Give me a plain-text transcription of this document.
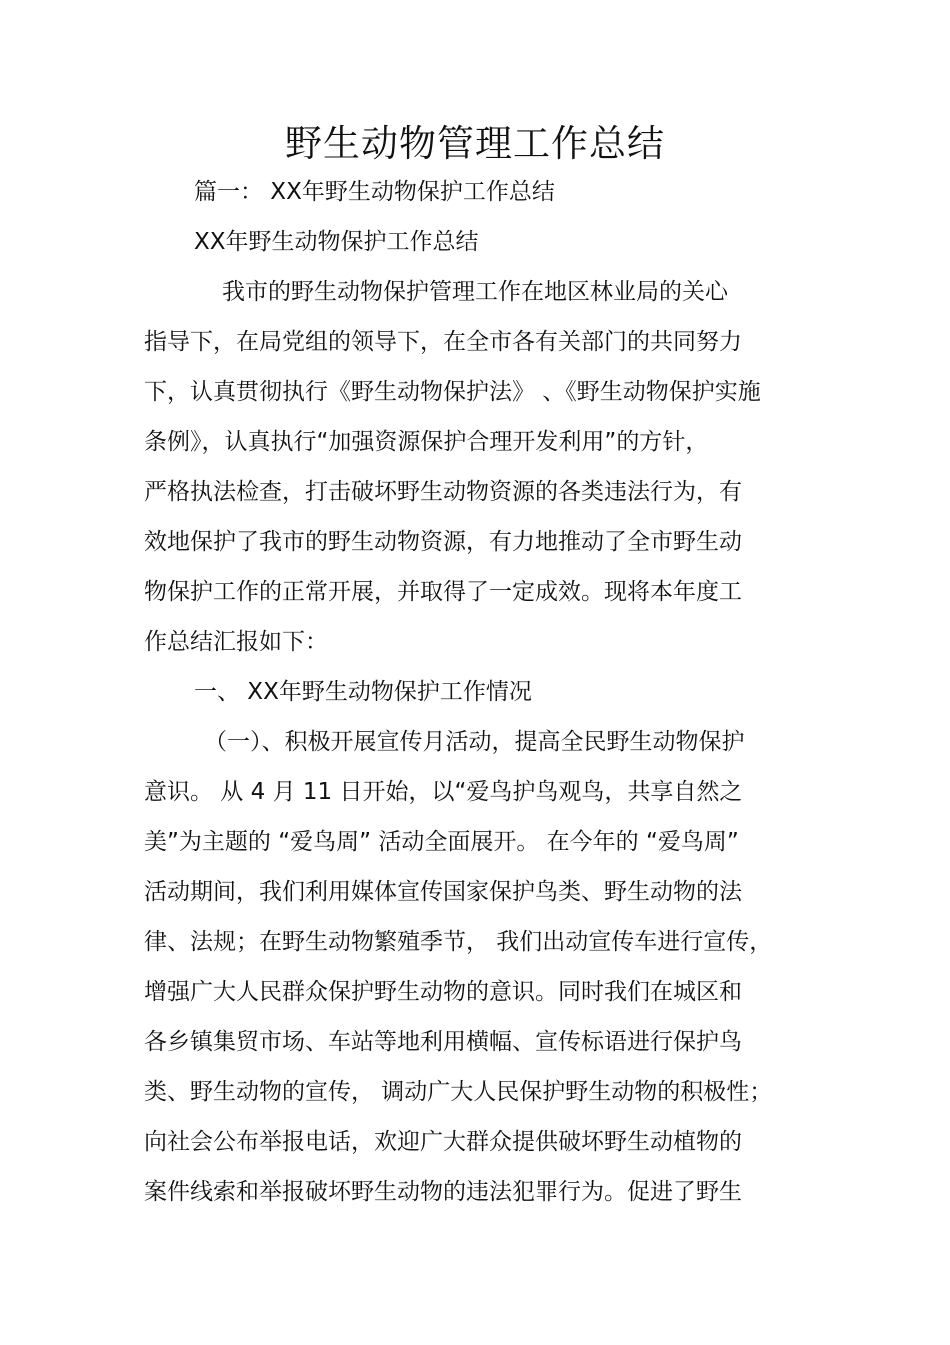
野生动物管理工作总结
篇一： XX年野生动物保护工作总结
XX年野生动物保护工作总结
我市的野生动物保护管理工作在地区林业局的关心
指导下，在局党组的领导下，在全市各有关部门的共同努力
下，认真贯彻执行《野生动物保护法》 、《野生动物保护实施
条例》，认真执行“加强资源保护合理开发利用”的方针，
严格执法检查，打击破坏野生动物资源的各类违法行为，有
效地保护了我市的野生动物资源，有力地推动了全市野生动
物保护工作的正常开展，并取得了一定成效。现将本年度工
作总结汇报如下：
一、 XX年野生动物保护工作情况
（一）、积极开展宣传月活动，提高全民野生动物保护
意识。 从 4 月 11 日开始，以“爱鸟护鸟观鸟，共享自然之
美”为主题的 “爱鸟周” 活动全面展开。 在今年的 “爱鸟周”
活动期间，我们利用媒体宣传国家保护鸟类、野生动物的法
律、法规；在野生动物繁殖季节， 我们出动宣传车进行宣传，
增强广大人民群众保护野生动物的意识。同时我们在城区和
各乡镇集贸市场、车站等地利用横幅、宣传标语进行保护鸟
类、野生动物的宣传， 调动广大人民保护野生动物的积极性；
向社会公布举报电话，欢迎广大群众提供破坏野生动植物的
案件线索和举报破坏野生动物的违法犯罪行为。促进了野生
